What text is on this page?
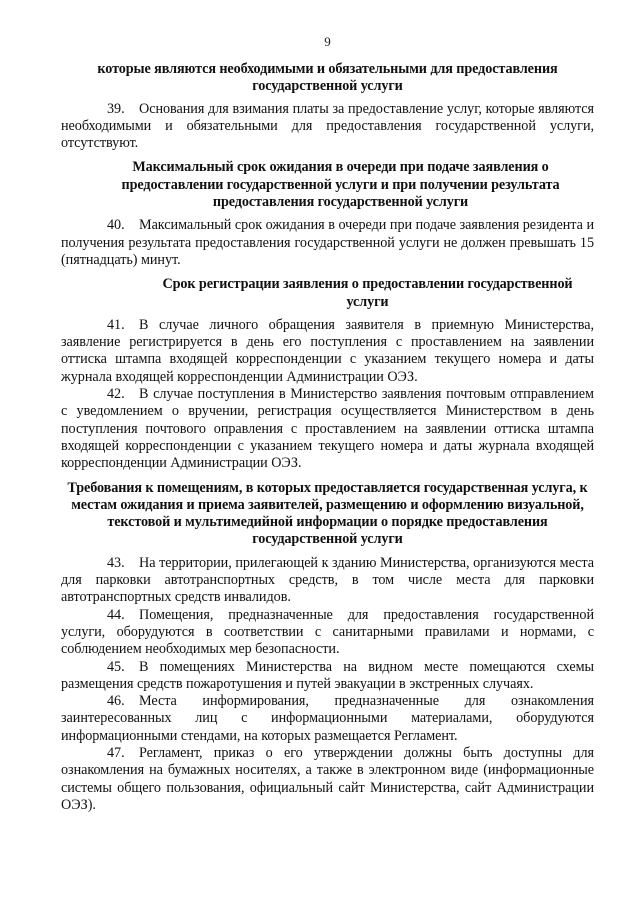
9
которые являются необходимыми и обязательными для предоставления государственной услуги

39. Основания для взимания платы за предоставление услуг, которые являются необходимыми и обязательными для предоставления государственной услуги, отсутствуют.

Максимальный срок ожидания в очереди при подаче заявления о предоставлении государственной услуги и при получении результата предоставления государственной услуги

40. Максимальный срок ожидания в очереди при подаче заявления резидента и получения результата предоставления государственной услуги не должен превышать 15 (пятнадцать) минут.

Срок регистрации заявления о предоставлении государственной услуги

41. В случае личного обращения заявителя в приемную Министерства, заявление регистрируется в день его поступления с проставлением на заявлении оттиска штампа входящей корреспонденции с указанием текущего номера и даты журнала входящей корреспонденции Администрации ОЭЗ.

42. В случае поступления в Министерство заявления почтовым отправлением с уведомлением о вручении, регистрация осуществляется Министерством в день поступления почтового оправления с проставлением на заявлении оттиска штампа входящей корреспонденции с указанием текущего номера и даты журнала входящей корреспонденции Администрации ОЭЗ.

Требования к помещениям, в которых предоставляется государственная услуга, к местам ожидания и приема заявителей, размещению и оформлению визуальной, текстовой и мультимедийной информации о порядке предоставления государственной услуги

43. На территории, прилегающей к зданию Министерства, организуются места для парковки автотранспортных средств, в том числе места для парковки автотранспортных средств инвалидов.

44. Помещения, предназначенные для предоставления государственной услуги, оборудуются в соответствии с санитарными правилами и нормами, с соблюдением необходимых мер безопасности.

45. В помещениях Министерства на видном месте помещаются схемы размещения средств пожаротушения и путей эвакуации в экстренных случаях.

46. Места информирования, предназначенные для ознакомления заинтересованных лиц с информационными материалами, оборудуются информационными стендами, на которых размещается Регламент.

47. Регламент, приказ о его утверждении должны быть доступны для ознакомления на бумажных носителях, а также в электронном виде (информационные системы общего пользования, официальный сайт Министерства, сайт Администрации ОЭЗ).
